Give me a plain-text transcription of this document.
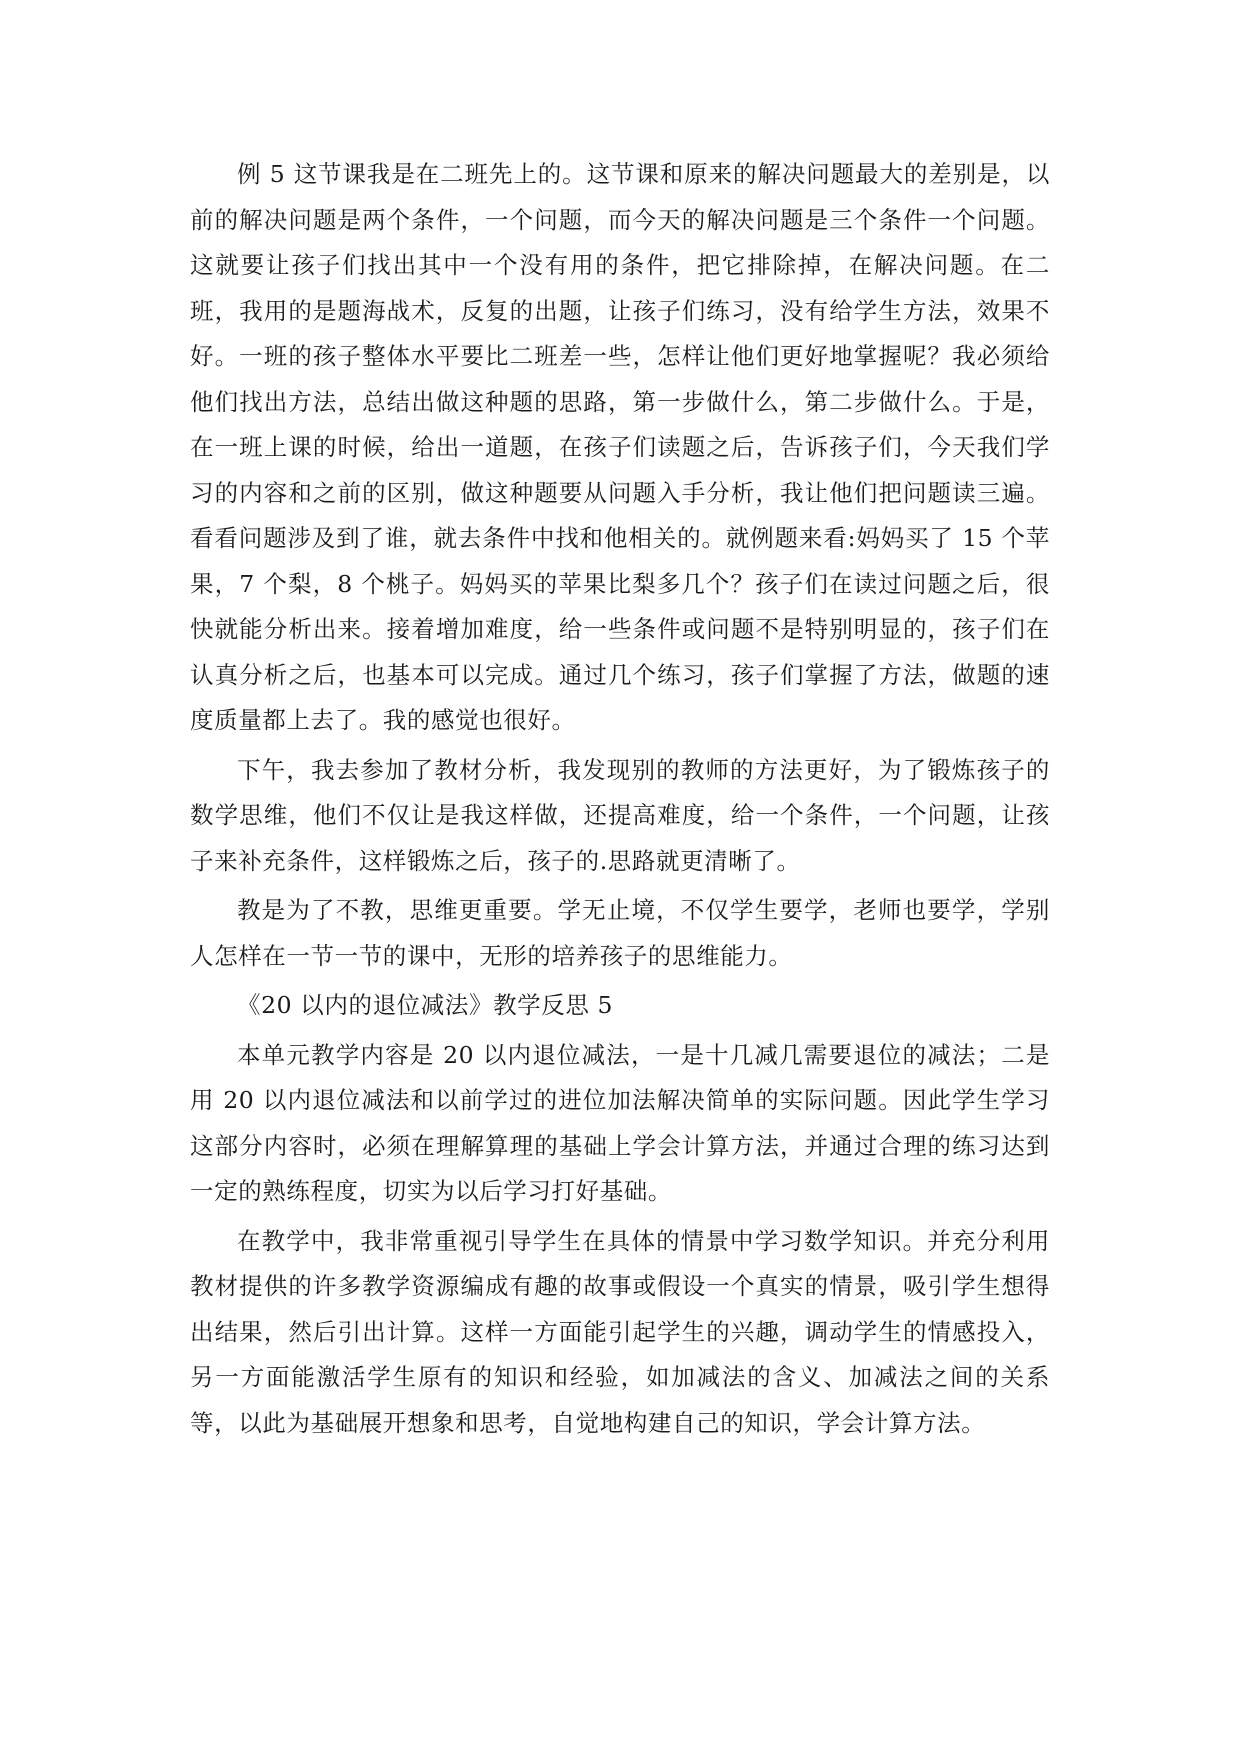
例 5 这节课我是在二班先上的。这节课和原来的解决问题最大的差别是，以前的解决问题是两个条件，一个问题，而今天的解决问题是三个条件一个问题。这就要让孩子们找出其中一个没有用的条件，把它排除掉，在解决问题。在二班，我用的是题海战术，反复的出题，让孩子们练习，没有给学生方法，效果不好。一班的孩子整体水平要比二班差一些，怎样让他们更好地掌握呢？我必须给他们找出方法，总结出做这种题的思路，第一步做什么，第二步做什么。于是，在一班上课的时候，给出一道题，在孩子们读题之后，告诉孩子们，今天我们学习的内容和之前的区别，做这种题要从问题入手分析，我让他们把问题读三遍。看看问题涉及到了谁，就去条件中找和他相关的。就例题来看:妈妈买了 15 个苹果，7 个梨，8 个桃子。妈妈买的苹果比梨多几个？孩子们在读过问题之后，很快就能分析出来。接着增加难度，给一些条件或问题不是特别明显的，孩子们在认真分析之后，也基本可以完成。通过几个练习，孩子们掌握了方法，做题的速度质量都上去了。我的感觉也很好。

下午，我去参加了教材分析，我发现别的教师的方法更好，为了锻炼孩子的数学思维，他们不仅让是我这样做，还提高难度，给一个条件，一个问题，让孩子来补充条件，这样锻炼之后，孩子的.思路就更清晰了。

教是为了不教，思维更重要。学无止境，不仅学生要学，老师也要学，学别人怎样在一节一节的课中，无形的培养孩子的思维能力。

《20 以内的退位减法》教学反思 5

本单元教学内容是 20 以内退位减法，一是十几减几需要退位的减法；二是用 20 以内退位减法和以前学过的进位加法解决简单的实际问题。因此学生学习这部分内容时，必须在理解算理的基础上学会计算方法，并通过合理的练习达到一定的熟练程度，切实为以后学习打好基础。

在教学中，我非常重视引导学生在具体的情景中学习数学知识。并充分利用教材提供的许多教学资源编成有趣的故事或假设一个真实的情景，吸引学生想得出结果，然后引出计算。这样一方面能引起学生的兴趣，调动学生的情感投入，另一方面能激活学生原有的知识和经验，如加减法的含义、加减法之间的关系等，以此为基础展开想象和思考，自觉地构建自己的知识，学会计算方法。
